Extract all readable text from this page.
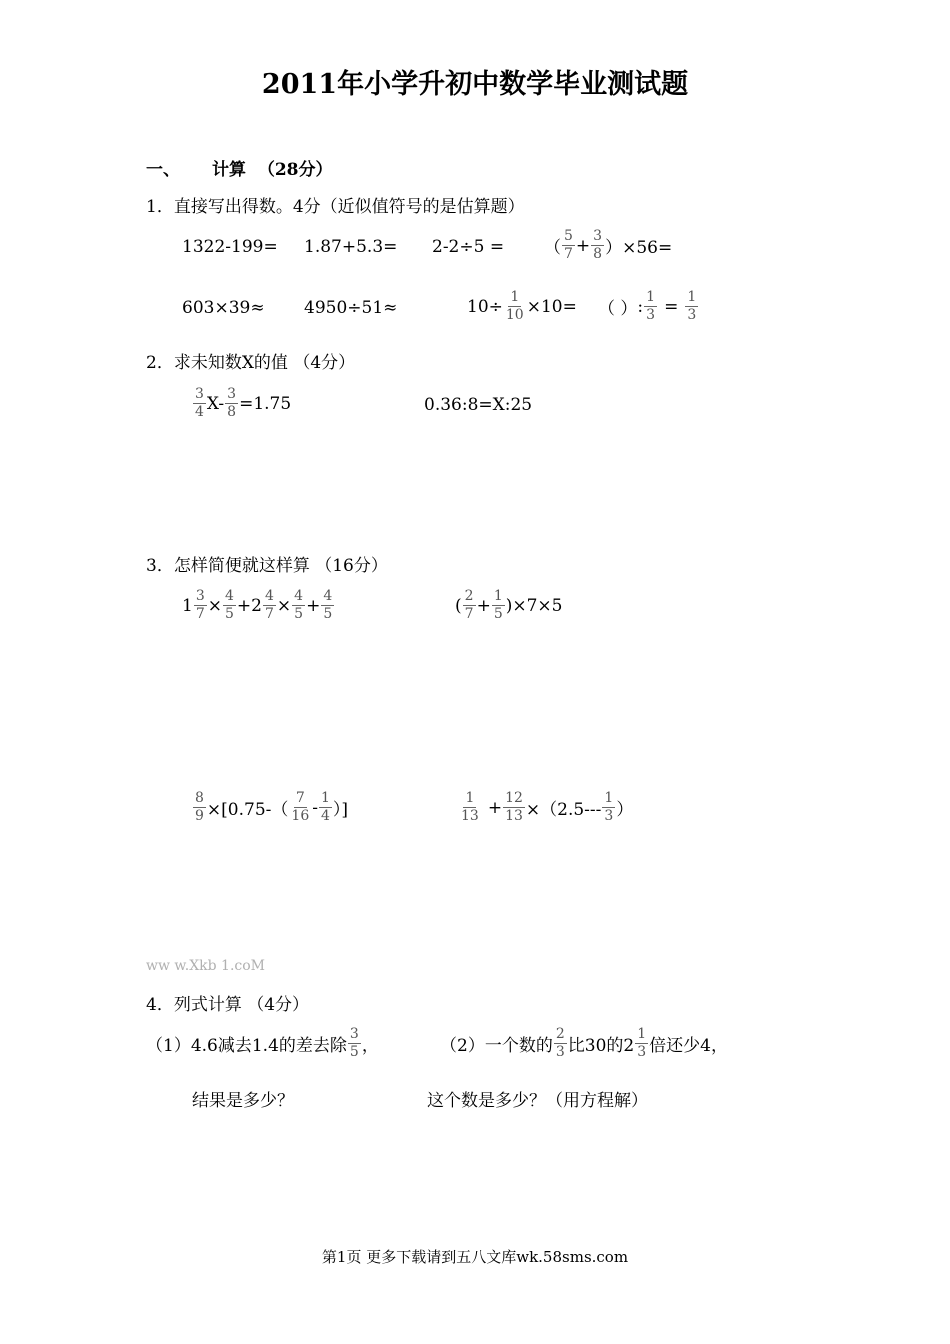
2011年小学升初中数学毕业测试题
一、 计算 （28分）
1．直接写出得数。4分（近似值符号的是估算题）
1322-199= 1.87+5.3= 2-2÷5 = （ $\frac{5}{7} + \frac{3}{8} )\times 56=$
603×39≈ 4950÷51≈	$10\div \frac{1}{10} \times 10=$ （ ） : $\frac{1}{3} = \frac{1}{3}$
2．求未知数X的值 （4分）
$\frac{3}{4} X- \frac{3}{8} =1.75$	0.36:8=X:25
3．怎样简便就这样算 （16分）
$1 \frac{3}{7} \times \frac{4}{5} +2 \frac{4}{7} \times \frac{4}{5} + \frac{4}{5}$	( $\frac{2}{7} + \frac{1}{5} )\times 7\times 5$
$\frac{8}{9} \times[0.75-( \frac{7}{16} - \frac{1}{4}$ ）]	$\frac{1}{13} + \frac{12}{13} \times(2.5--- \frac{1}{3}$ ）
ww w.Xkb 1.coM
4．列式计算 （4分）
（1）4.6减去1.4的差去除 $\frac{3}{5}$ ，	（2）一个数的 $\frac{2}{3}$ 比30的$2 \frac{1}{3}$ 倍还少4，
结果是多少？	这个数是多少？（用方程解）
第1页 更多下载请到五八文库wk.58sms.com
